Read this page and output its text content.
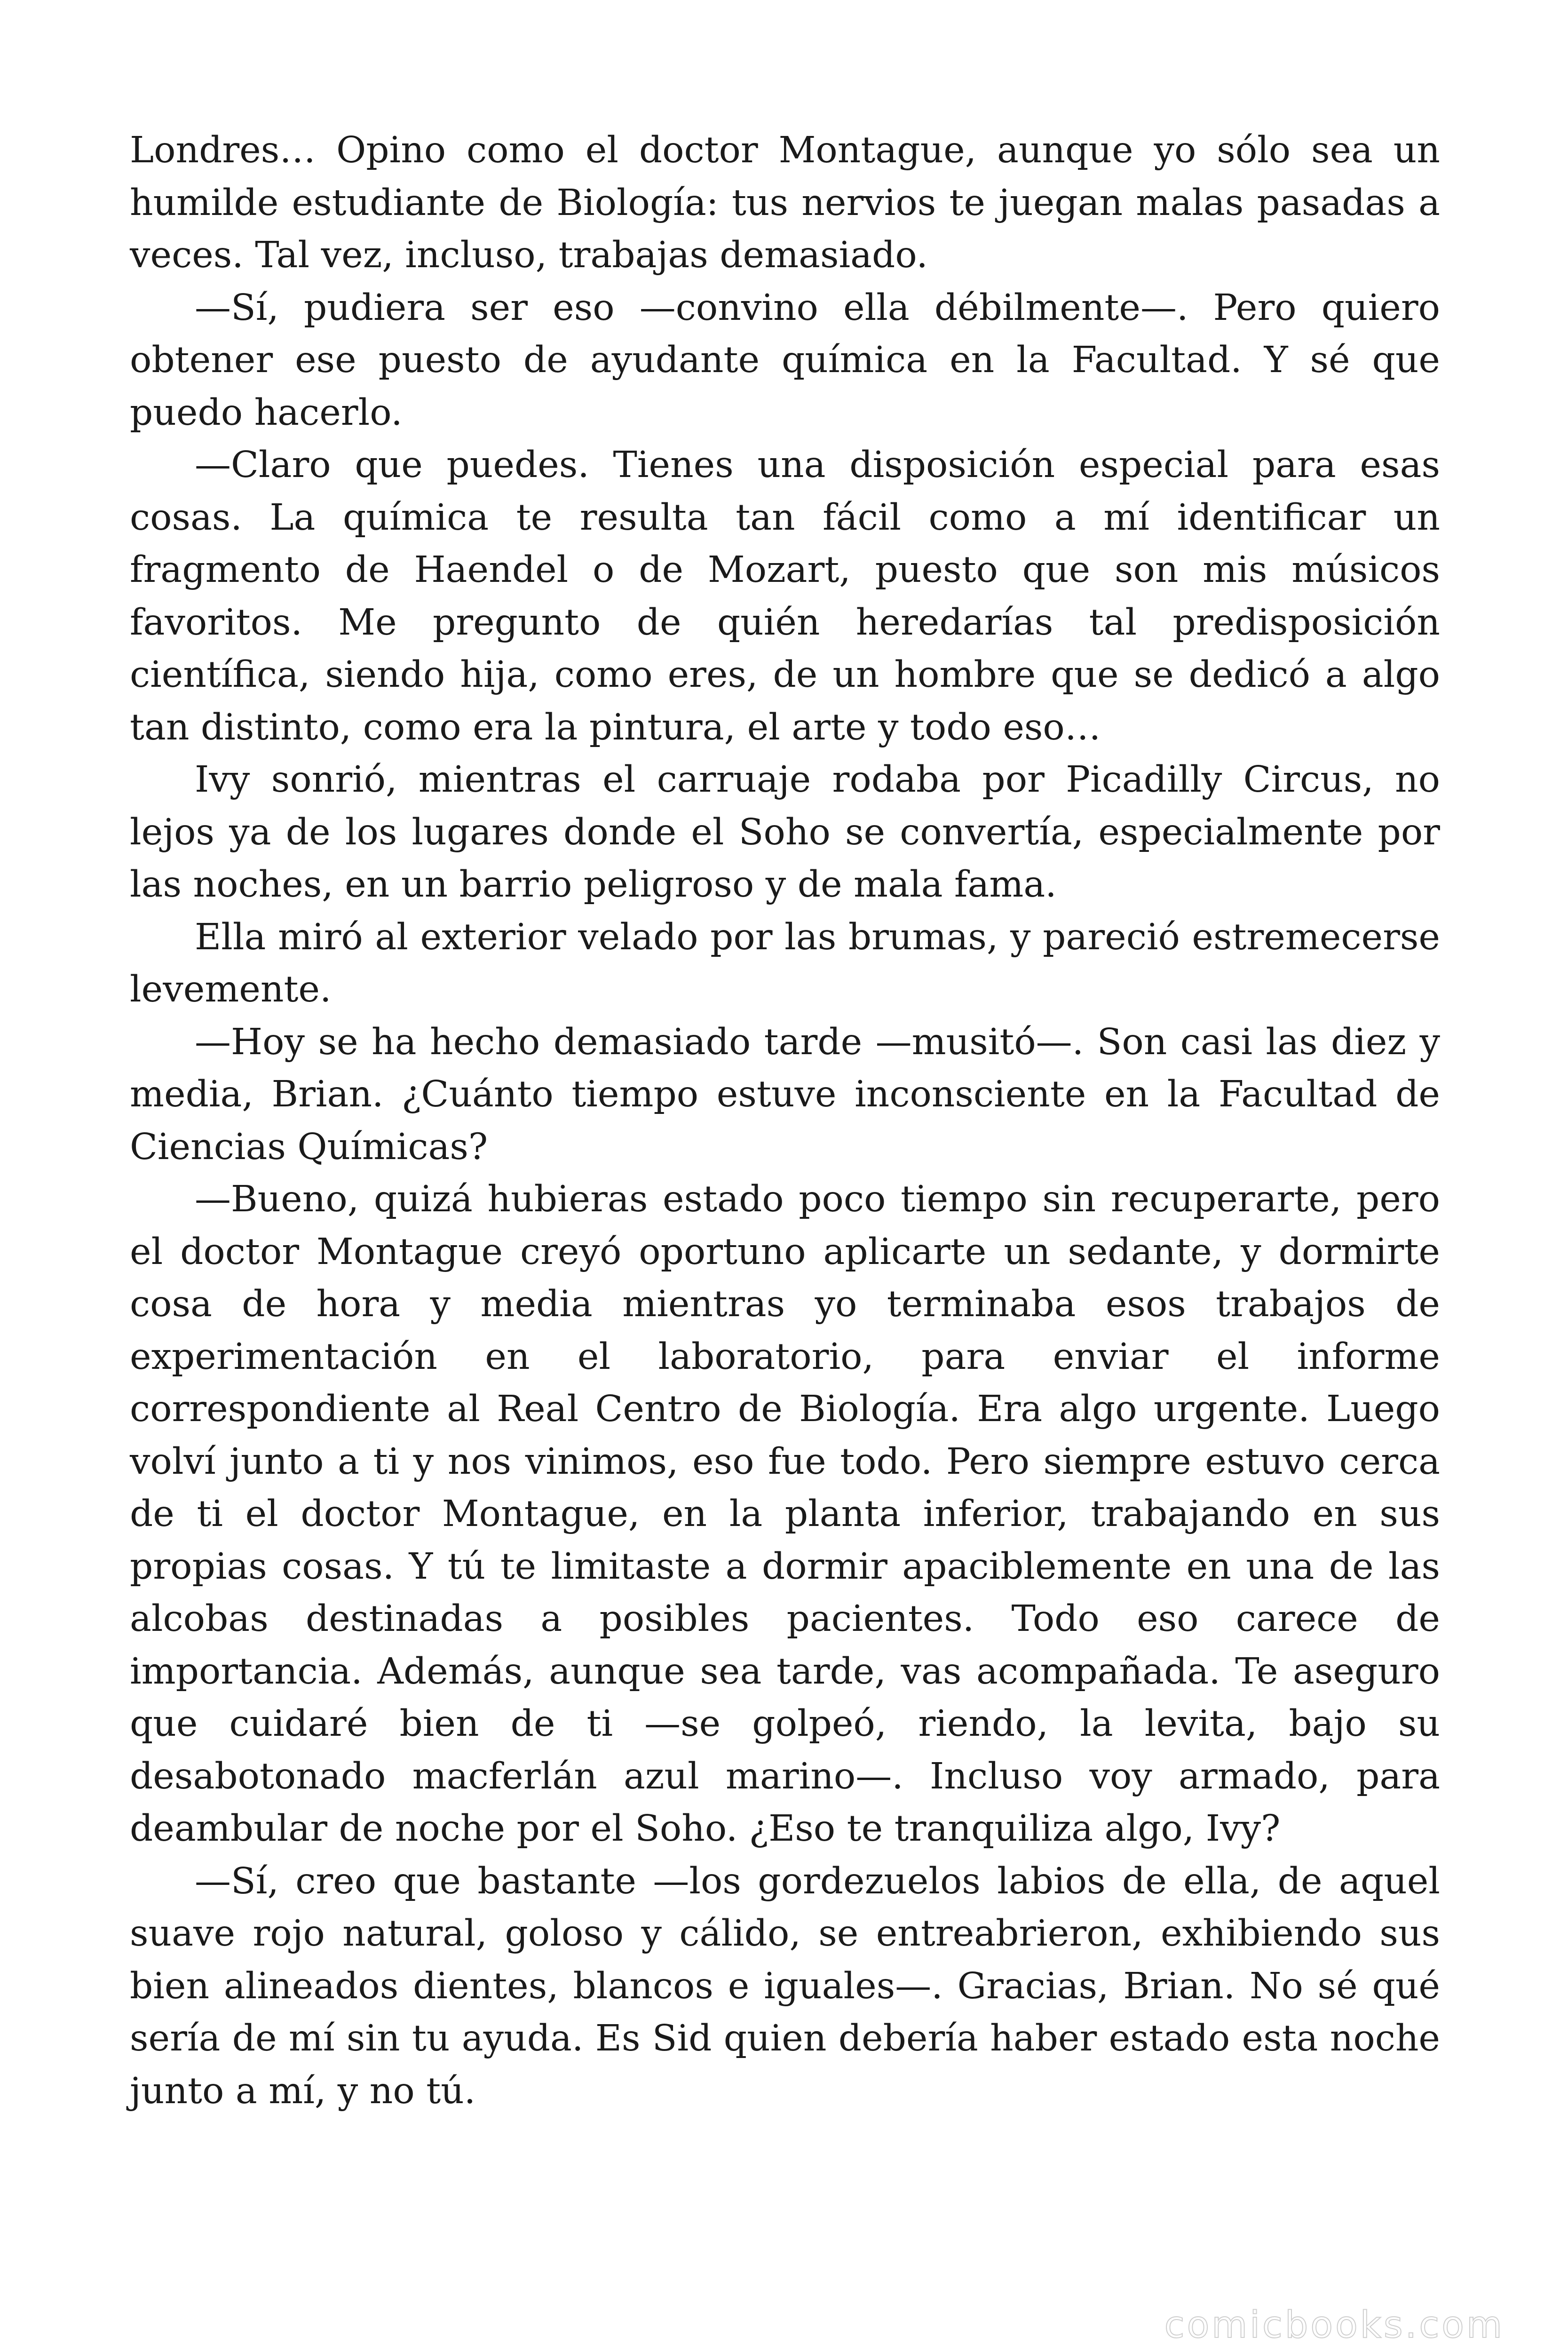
Londres… Opino como el doctor Montague, aunque yo sólo sea un humilde estudiante de Biología: tus nervios te juegan malas pasadas a veces. Tal vez, incluso, trabajas demasiado.

—Sí, pudiera ser eso —convino ella débilmente—. Pero quiero obtener ese puesto de ayudante química en la Facultad. Y sé que puedo hacerlo.

—Claro que puedes. Tienes una disposición especial para esas cosas. La química te resulta tan fácil como a mí identificar un fragmento de Haendel o de Mozart, puesto que son mis músicos favoritos. Me pregunto de quién heredarías tal predisposición científica, siendo hija, como eres, de un hombre que se dedicó a algo tan distinto, como era la pintura, el arte y todo eso…

Ivy sonrió, mientras el carruaje rodaba por Picadilly Circus, no lejos ya de los lugares donde el Soho se convertía, especialmente por las noches, en un barrio peligroso y de mala fama.

Ella miró al exterior velado por las brumas, y pareció estremecerse levemente.

—Hoy se ha hecho demasiado tarde —musitó—. Son casi las diez y media, Brian. ¿Cuánto tiempo estuve inconsciente en la Facultad de Ciencias Químicas?

—Bueno, quizá hubieras estado poco tiempo sin recuperarte, pero el doctor Montague creyó oportuno aplicarte un sedante, y dormirte cosa de hora y media mientras yo terminaba esos trabajos de experimentación en el laboratorio, para enviar el informe correspondiente al Real Centro de Biología. Era algo urgente. Luego volví junto a ti y nos vinimos, eso fue todo. Pero siempre estuvo cerca de ti el doctor Montague, en la planta inferior, trabajando en sus propias cosas. Y tú te limitaste a dormir apaciblemente en una de las alcobas destinadas a posibles pacientes. Todo eso carece de importancia. Además, aunque sea tarde, vas acompañada. Te aseguro que cuidaré bien de ti —se golpeó, riendo, la levita, bajo su desabotonado macferlán azul marino—. Incluso voy armado, para deambular de noche por el Soho. ¿Eso te tranquiliza algo, Ivy?

—Sí, creo que bastante —los gordezuelos labios de ella, de aquel suave rojo natural, goloso y cálido, se entreabrieron, exhibiendo sus bien alineados dientes, blancos e iguales—. Gracias, Brian. No sé qué sería de mí sin tu ayuda. Es Sid quien debería haber estado esta noche junto a mí, y no tú.

comicbooks.com
